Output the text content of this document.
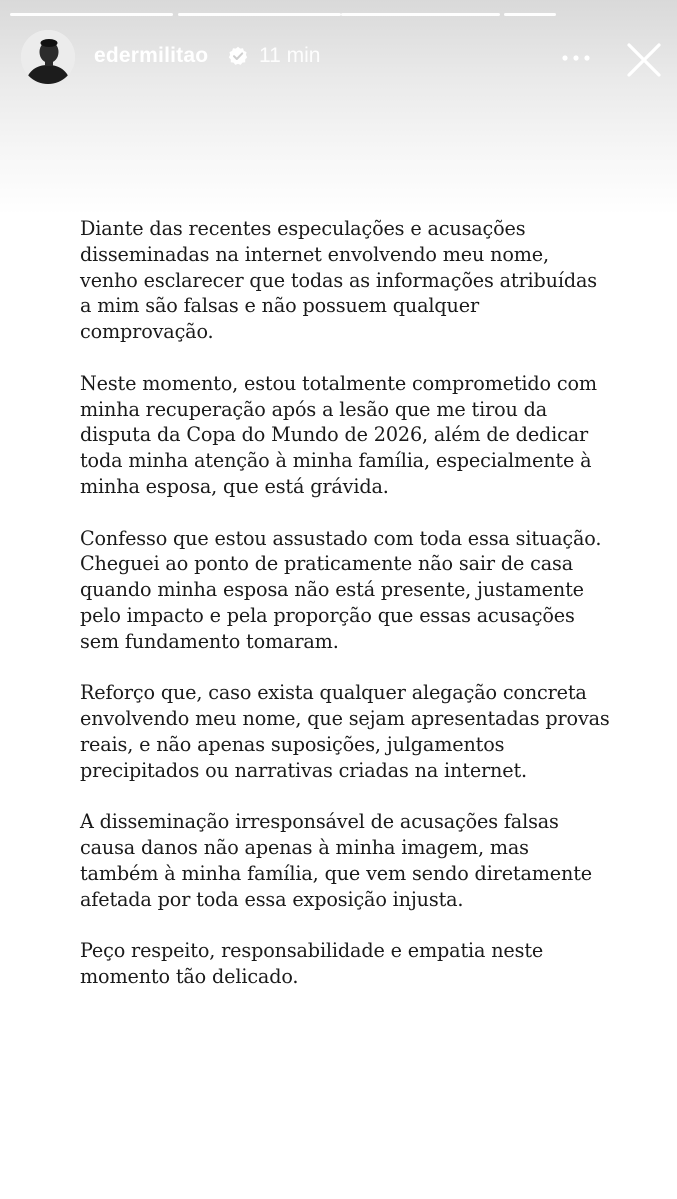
edermilitao 11 min

Diante das recentes especulações e acusações
disseminadas na internet envolvendo meu nome,
venho esclarecer que todas as informações atribuídas
a mim são falsas e não possuem qualquer
comprovação.

Neste momento, estou totalmente comprometido com
minha recuperação após a lesão que me tirou da
disputa da Copa do Mundo de 2026, além de dedicar
toda minha atenção à minha família, especialmente à
minha esposa, que está grávida.

Confesso que estou assustado com toda essa situação.
Cheguei ao ponto de praticamente não sair de casa
quando minha esposa não está presente, justamente
pelo impacto e pela proporção que essas acusações
sem fundamento tomaram.

Reforço que, caso exista qualquer alegação concreta
envolvendo meu nome, que sejam apresentadas provas
reais, e não apenas suposições, julgamentos
precipitados ou narrativas criadas na internet.

A disseminação irresponsável de acusações falsas
causa danos não apenas à minha imagem, mas
também à minha família, que vem sendo diretamente
afetada por toda essa exposição injusta.

Peço respeito, responsabilidade e empatia neste
momento tão delicado.
